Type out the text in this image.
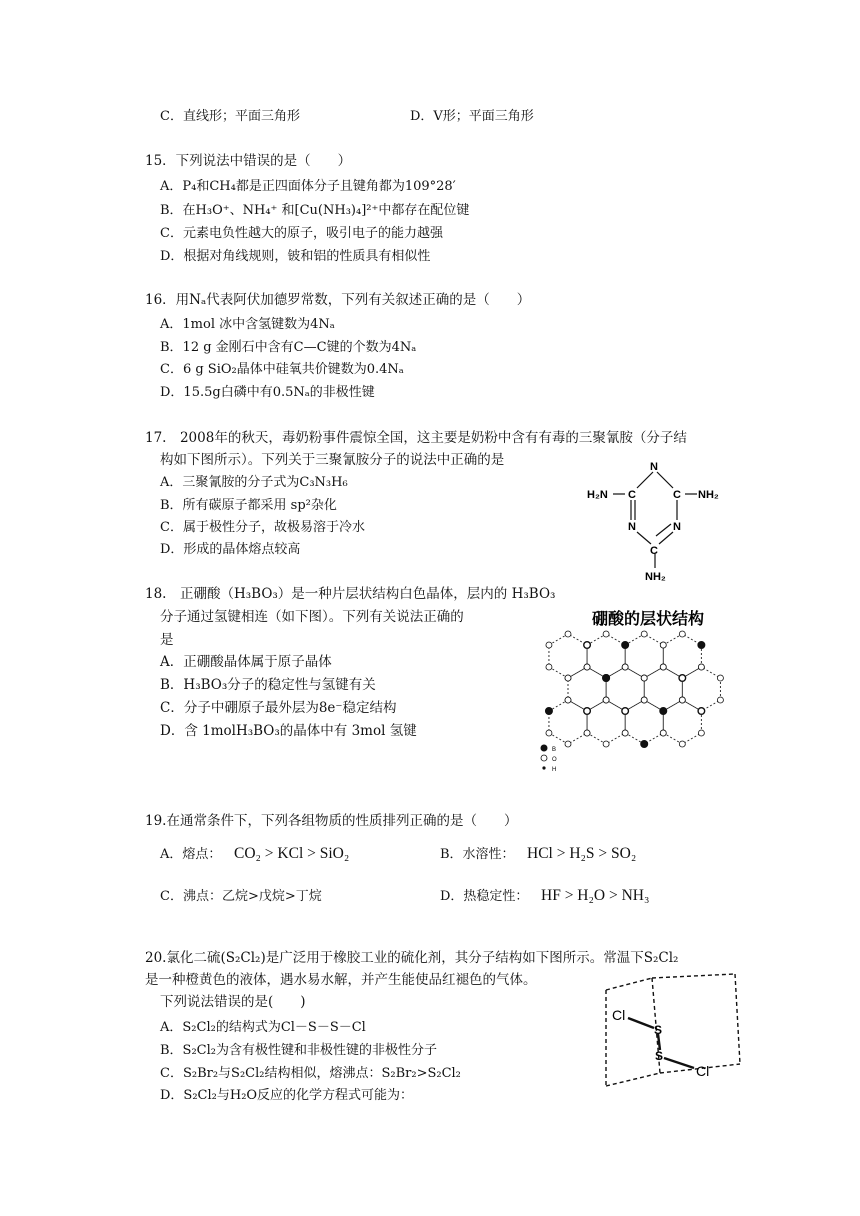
C．直线形；平面三角形	D．V形；平面三角形
15．下列说法中错误的是（　　）
A．P₄和CH₄都是正四面体分子且键角都为109°28′
B．在H₃O⁺、NH₄⁺ 和[Cu(NH₃)₄]²⁺中都存在配位键
C．元素电负性越大的原子，吸引电子的能力越强
D．根据对角线规则，铍和铝的性质具有相似性
16．用Nₐ代表阿伏加德罗常数，下列有关叙述正确的是（　　）
A．1mol 冰中含氢键数为4Nₐ
B．12 g 金刚石中含有C—C键的个数为4Nₐ
C．6 g SiO₂晶体中硅氧共价键数为0.4Nₐ
D．15.5g白磷中有0.5Nₐ的非极性键
17.　2008年的秋天，毒奶粉事件震惊全国，这主要是奶粉中含有有毒的三聚氰胺（分子结
构如下图所示）。下列关于三聚氰胺分子的说法中正确的是
A．三聚氰胺的分子式为C₃N₃H₆
B．所有碳原子都采用 sp²杂化
C．属于极性分子，故极易溶于冷水
D．形成的晶体熔点较高
N
C	C
N	N
C
H₂N	NH₂
NH₂
18.　正硼酸（H₃BO₃）是一种片层状结构白色晶体，层内的 H₃BO₃
分子通过氢键相连（如下图）。下列有关说法正确的
是
A．正硼酸晶体属于原子晶体
B．H₃BO₃分子的稳定性与氢键有关
C．分子中硼原子最外层为8e⁻稳定结构
D．含 1molH₃BO₃的晶体中有 3mol 氢键
硼酸的层状结构
B
O
H
19.在通常条件下，下列各组物质的性质排列正确的是（　　）
A．熔点： CO₂ > KCl > SiO₂	B．水溶性： HCl > H₂S > SO₂
C．沸点：乙烷>戊烷>丁烷	D．热稳定性： HF > H₂O > NH₃
20.氯化二硫(S₂Cl₂)是广泛用于橡胶工业的硫化剂，其分子结构如下图所示。常温下S₂Cl₂
是一种橙黄色的液体，遇水易水解，并产生能使品红褪色的气体。
下列说法错误的是(　　)
A．S₂Cl₂的结构式为Cl－S－S－Cl
B．S₂Cl₂为含有极性键和非极性键的非极性分子
C．S₂Br₂与S₂Cl₂结构相似，熔沸点：S₂Br₂>S₂Cl₂
D．S₂Cl₂与H₂O反应的化学方程式可能为：
Cl
S
S
Cl
